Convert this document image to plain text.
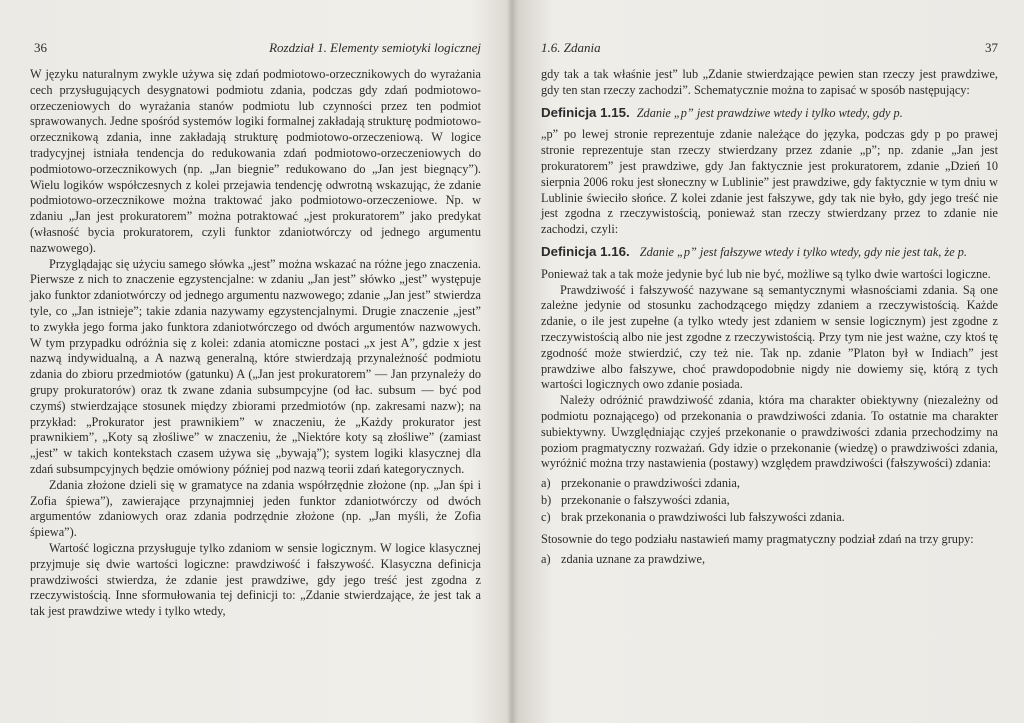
36	Rozdział 1. Elementy semiotyki logicznej

W języku naturalnym zwykle używa się zdań podmiotowo-orzecznikowych do wyrażania cech przysługujących desygnatowi podmiotu zdania, podczas gdy zdań podmiotowo-orzeczeniowych do wyrażania stanów podmiotu lub czynności przez ten podmiot sprawowanych. Jedne spośród systemów logiki formalnej zakładają strukturę podmiotowo-orzecznikową zdania, inne zakładają strukturę podmiotowo-orzeczeniową. W logice tradycyjnej istniała tendencja do redukowania zdań podmiotowo-orzeczeniowych do podmiotowo-orzecznikowych (np. „Jan biegnie” redukowano do „Jan jest biegnący”). Wielu logików współczesnych z kolei przejawia tendencję odwrotną wskazując, że zdanie podmiotowo-orzecznikowe można traktować jako podmiotowo-orzeczeniowe. Np. w zdaniu „Jan jest prokuratorem” można potraktować „jest prokuratorem” jako predykat (własność bycia prokuratorem, czyli funktor zdaniotwórczy od jednego argumentu nazwowego).

Przyglądając się użyciu samego słówka „jest” można wskazać na różne jego znaczenia. Pierwsze z nich to znaczenie egzystencjalne: w zdaniu „Jan jest” słówko „jest” występuje jako funktor zdaniotwórczy od jednego argumentu nazwowego; zdanie „Jan jest” stwierdza tyle, co „Jan istnieje”; takie zdania nazywamy egzystencjalnymi. Drugie znaczenie „jest” to zwykła jego forma jako funktora zdaniotwórczego od dwóch argumentów nazwowych. W tym przypadku odróżnia się z kolei: zdania atomiczne postaci „x jest A”, gdzie x jest nazwą indywidualną, a A nazwą generalną, które stwierdzają przynależność podmiotu zdania do zbioru przedmiotów (gatunku) A („Jan jest prokuratorem” — Jan przynależy do grupy prokuratorów) oraz tk zwane zdania subsumpcyjne (od łac. subsum — być pod czymś) stwierdzające stosunek między zbiorami przedmiotów (np. zakresami nazw); na przykład: „Prokurator jest prawnikiem” w znaczeniu, że „Każdy prokurator jest prawnikiem”, „Koty są złośliwe” w znaczeniu, że „Niektóre koty są złośliwe” (zamiast „jest” w takich kontekstach czasem używa się „bywają”); system logiki klasycznej dla zdań subsumpcyjnych będzie omówiony później pod nazwą teorii zdań kategorycznych.

Zdania złożone dzieli się w gramatyce na zdania współrzędnie złożone (np. „Jan śpi i Zofia śpiewa”), zawierające przynajmniej jeden funktor zdaniotwórczy od dwóch argumentów zdaniowych oraz zdania podrzędnie złożone (np. „Jan myśli, że Zofia śpiewa”).

Wartość logiczna przysługuje tylko zdaniom w sensie logicznym. W logice klasycznej przyjmuje się dwie wartości logiczne: prawdziwość i fałszywość. Klasyczna definicja prawdziwości stwierdza, że zdanie jest prawdziwe, gdy jego treść jest zgodna z rzeczywistością. Inne sformułowania tej definicji to: „Zdanie stwierdzające, że jest tak a tak jest prawdziwe wtedy i tylko wtedy,

1.6. Zdania	37

gdy tak a tak właśnie jest” lub „Zdanie stwierdzające pewien stan rzeczy jest prawdziwe, gdy ten stan rzeczy zachodzi”. Schematycznie można to zapisać w sposób następujący:

Definicja 1.15. Zdanie „p” jest prawdziwe wtedy i tylko wtedy, gdy p.

„p” po lewej stronie reprezentuje zdanie należące do języka, podczas gdy p po prawej stronie reprezentuje stan rzeczy stwierdzany przez zdanie „p”; np. zdanie „Jan jest prokuratorem” jest prawdziwe, gdy Jan faktycznie jest prokuratorem, zdanie „Dzień 10 sierpnia 2006 roku jest słoneczny w Lublinie” jest prawdziwe, gdy faktycznie w tym dniu w Lublinie świeciło słońce. Z kolei zdanie jest fałszywe, gdy tak nie było, gdy jego treść nie jest zgodna z rzeczywistością, ponieważ stan rzeczy stwierdzany przez to zdanie nie zachodzi, czyli:

Definicja 1.16. Zdanie „p” jest fałszywe wtedy i tylko wtedy, gdy nie jest tak, że p.

Ponieważ tak a tak może jedynie być lub nie być, możliwe są tylko dwie wartości logiczne.

Prawdziwość i fałszywość nazywane są semantycznymi własnościami zdania. Są one zależne jedynie od stosunku zachodzącego między zdaniem a rzeczywistością. Każde zdanie, o ile jest zupełne (a tylko wtedy jest zdaniem w sensie logicznym) jest zgodne z rzeczywistością albo nie jest zgodne z rzeczywistością. Przy tym nie jest ważne, czy ktoś tę zgodność może stwierdzić, czy też nie. Tak np. zdanie ”Platon był w Indiach” jest prawdziwe albo fałszywe, choć prawdopodobnie nigdy nie dowiemy się, którą z tych wartości logicznych owo zdanie posiada.

Należy odróżnić prawdziwość zdania, która ma charakter obiektywny (niezależny od podmiotu poznającego) od przekonania o prawdziwości zdania. To ostatnie ma charakter subiektywny. Uwzględniając czyjeś przekonanie o prawdziwości zdania przechodzimy na poziom pragmatyczny rozważań. Gdy idzie o przekonanie (wiedzę) o prawdziwości zdania, wyróżnić można trzy nastawienia (postawy) względem prawdziwości (fałszywości) zdania:

a) przekonanie o prawdziwości zdania,
b) przekonanie o fałszywości zdania,
c) brak przekonania o prawdziwości lub fałszywości zdania.

Stosownie do tego podziału nastawień mamy pragmatyczny podział zdań na trzy grupy:

a) zdania uznane za prawdziwe,
